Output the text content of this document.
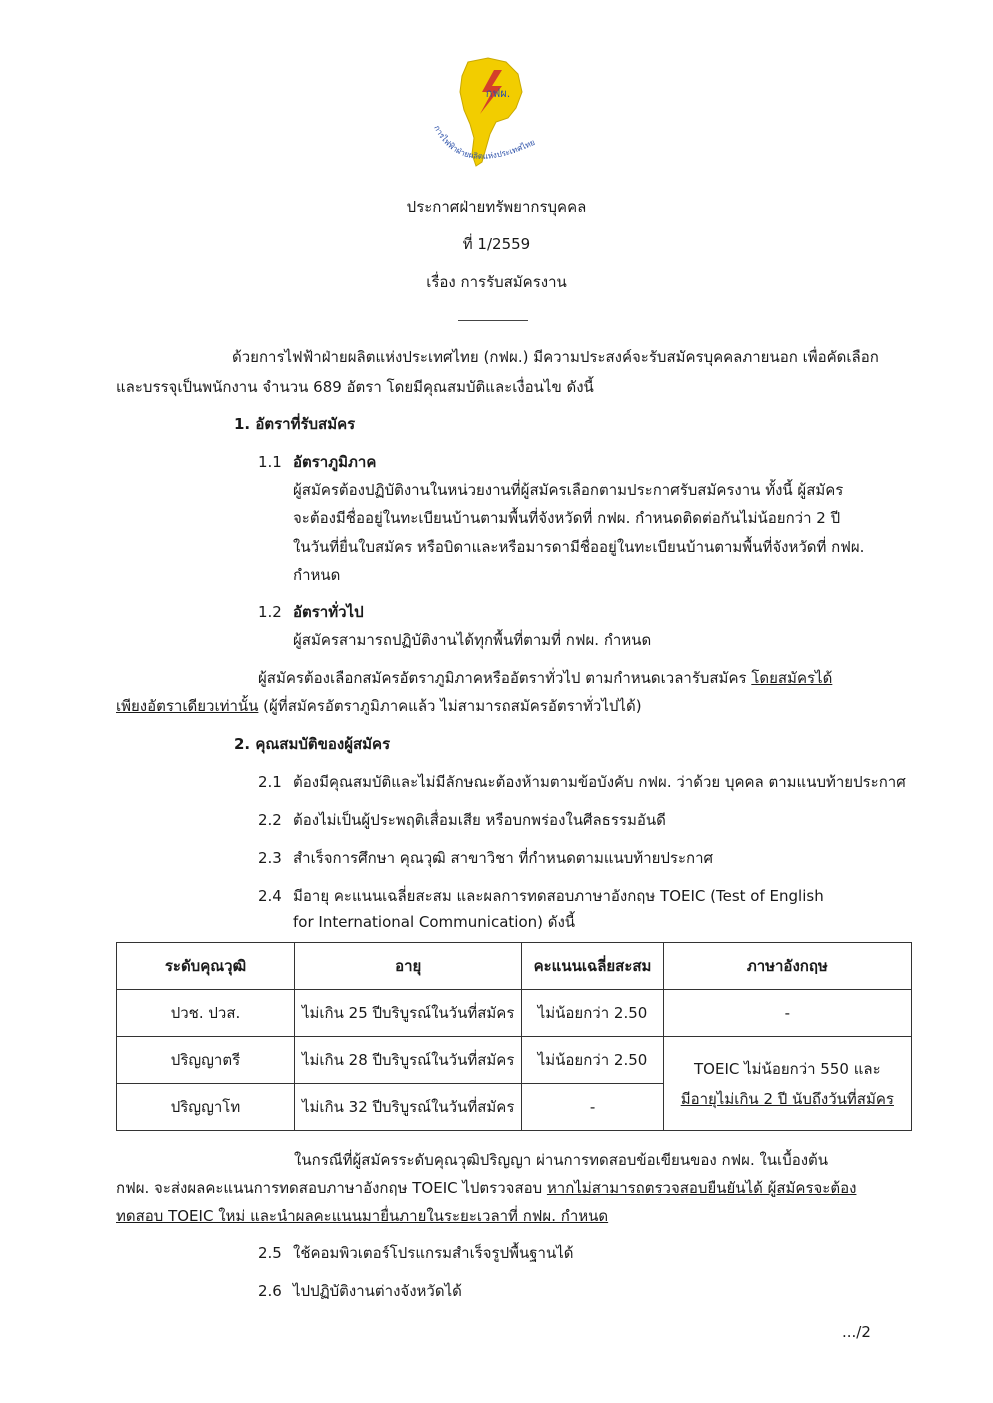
กฟผ.
การไฟฟ้าฝ่ายผลิตแห่งประเทศไทย
ประกาศฝ่ายทรัพยากรบุคคล
ที่ 1/2559
เรื่อง การรับสมัครงาน
ด้วยการไฟฟ้าฝ่ายผลิตแห่งประเทศไทย (กฟผ.) มีความประสงค์จะรับสมัครบุคคลภายนอก เพื่อคัดเลือก
และบรรจุเป็นพนักงาน จำนวน 689 อัตรา โดยมีคุณสมบัติและเงื่อนไข ดังนี้
1. อัตราที่รับสมัคร
1.1 อัตราภูมิภาค
ผู้สมัครต้องปฏิบัติงานในหน่วยงานที่ผู้สมัครเลือกตามประกาศรับสมัครงาน ทั้งนี้ ผู้สมัคร
จะต้องมีชื่ออยู่ในทะเบียนบ้านตามพื้นที่จังหวัดที่ กฟผ. กำหนดติดต่อกันไม่น้อยกว่า 2 ปี
ในวันที่ยื่นใบสมัคร หรือบิดาและหรือมารดามีชื่ออยู่ในทะเบียนบ้านตามพื้นที่จังหวัดที่ กฟผ.
กำหนด
1.2 อัตราทั่วไป
ผู้สมัครสามารถปฏิบัติงานได้ทุกพื้นที่ตามที่ กฟผ. กำหนด
ผู้สมัครต้องเลือกสมัครอัตราภูมิภาคหรืออัตราทั่วไป ตามกำหนดเวลารับสมัคร โดยสมัครได้
เพียงอัตราเดียวเท่านั้น (ผู้ที่สมัครอัตราภูมิภาคแล้ว ไม่สามารถสมัครอัตราทั่วไปได้)
2. คุณสมบัติของผู้สมัคร
2.1 ต้องมีคุณสมบัติและไม่มีลักษณะต้องห้ามตามข้อบังคับ กฟผ. ว่าด้วย บุคคล ตามแนบท้ายประกาศ
2.2 ต้องไม่เป็นผู้ประพฤติเสื่อมเสีย หรือบกพร่องในศีลธรรมอันดี
2.3 สำเร็จการศึกษา คุณวุฒิ สาขาวิชา ที่กำหนดตามแนบท้ายประกาศ
2.4 มีอายุ คะแนนเฉลี่ยสะสม และผลการทดสอบภาษาอังกฤษ TOEIC (Test of English
for International Communication) ดังนี้
ระดับคุณวุฒิ	อายุ	คะแนนเฉลี่ยสะสม	ภาษาอังกฤษ
ปวช. ปวส.	ไม่เกิน 25 ปีบริบูรณ์ในวันที่สมัคร	ไม่น้อยกว่า 2.50	-
ปริญญาตรี	ไม่เกิน 28 ปีบริบูรณ์ในวันที่สมัคร	ไม่น้อยกว่า 2.50	TOEIC ไม่น้อยกว่า 550 และ
มีอายุไม่เกิน 2 ปี นับถึงวันที่สมัคร

ปริญญาโท	ไม่เกิน 32 ปีบริบูรณ์ในวันที่สมัคร	-	
ในกรณีที่ผู้สมัครระดับคุณวุฒิปริญญา ผ่านการทดสอบข้อเขียนของ กฟผ. ในเบื้องต้น
กฟผ. จะส่งผลคะแนนการทดสอบภาษาอังกฤษ TOEIC ไปตรวจสอบ หากไม่สามารถตรวจสอบยืนยันได้ ผู้สมัครจะต้อง
ทดสอบ TOEIC ใหม่ และนำผลคะแนนมายื่นภายในระยะเวลาที่ กฟผ. กำหนด
2.5 ใช้คอมพิวเตอร์โปรแกรมสำเร็จรูปพื้นฐานได้
2.6 ไปปฏิบัติงานต่างจังหวัดได้
.../2
